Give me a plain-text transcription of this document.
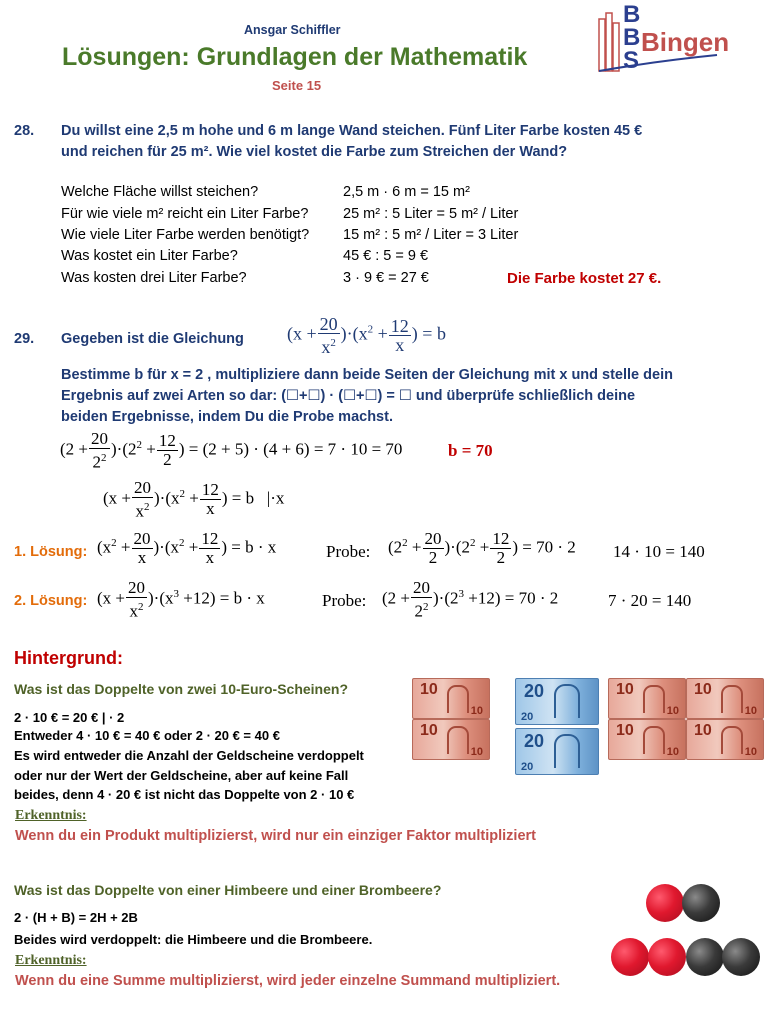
Ansgar Schiffler
Lösungen: Grundlagen der Mathematik
Seite 15
B
B
S
Bingen
28. Du willst eine 2,5 m hohe und 6 m lange Wand steichen. Fünf Liter Farbe kosten 45 €
und reichen für 25 m². Wie viel kostet die Farbe zum Streichen der Wand?
Welche Fläche willst steichen?	2,5 m · 6 m = 15 m²
Für wie viele m² reicht ein Liter Farbe? 25 m² : 5 Liter = 5 m² / Liter
Wie viele Liter Farbe werden benötigt? 15 m² : 5 m² / Liter = 3 Liter
Was kostet ein Liter Farbe?	45 € : 5 = 9 €
Was kosten drei Liter Farbe?	3 · 9 € = 27 €	Die Farbe kostet 27 €.
29. Gegeben ist die Gleichung $(x + \frac{20}{x^2} )\cdot(x^2 + \frac{12}{x}$ ) = b
Bestimme b für x = 2 , multipliziere dann beide Seiten der Gleichung mit x und stelle dein
Ergebnis auf zwei Arten so dar: (☐+☐) · (☐+☐) = ☐ und überprüfe schließlich deine
beiden Ergebnisse, indem Du die Probe machst.
$(2 + \frac{20}{2^2} )\cdot(2^2 + \frac{12}{2}$ ) = (2 + 5) · (4 + 6) = 7 · 10 = 70	b = 70
$(x + \frac{20}{x^2} )\cdot(x^2 + \frac{12}{x}$ ) = b |·x
1. Lösung: $(x^2 + \frac{20}{x} )\cdot(x^2 + \frac{12}{x}$ ) = b · x	Probe: $(2^2 + \frac{20}{2} )\cdot(2^2 + \frac{12}{2}$ ) = 70 · 2 14 · 10 = 140
2. Lösung: $(x + \frac{20}{x^2} )\cdot(x^3 +12) = b \cdot x$	Probe: $(2 + \frac{20}{2^2} )\cdot(2^3 +12) = 70 \cdot 2$	7 · 20 = 140
Hintergrund:
Was ist das Doppelte von zwei 10-Euro-Scheinen?
2 · 10 € = 20 € | · 2
Entweder 4 · 10 € = 40 € oder 2 · 20 € = 40 €
Es wird entweder die Anzahl der Geldscheine verdoppelt
oder nur der Wert der Geldscheine, aber auf keine Fall
beides, denn 4 · 20 € ist nicht das Doppelte von 2 · 10 €
Erkenntnis:
Wenn du ein Produkt multiplizierst, wird nur ein einziger Faktor multipliziert
10
10
10
10
20
20
20
20
10
10
10
10
10
10
10
10
Was ist das Doppelte von einer Himbeere und einer Brombeere?
2 · (H + B) = 2H + 2B
Beides wird verdoppelt: die Himbeere und die Brombeere.
Erkenntnis:
Wenn du eine Summe multiplizierst, wird jeder einzelne Summand multipliziert.
